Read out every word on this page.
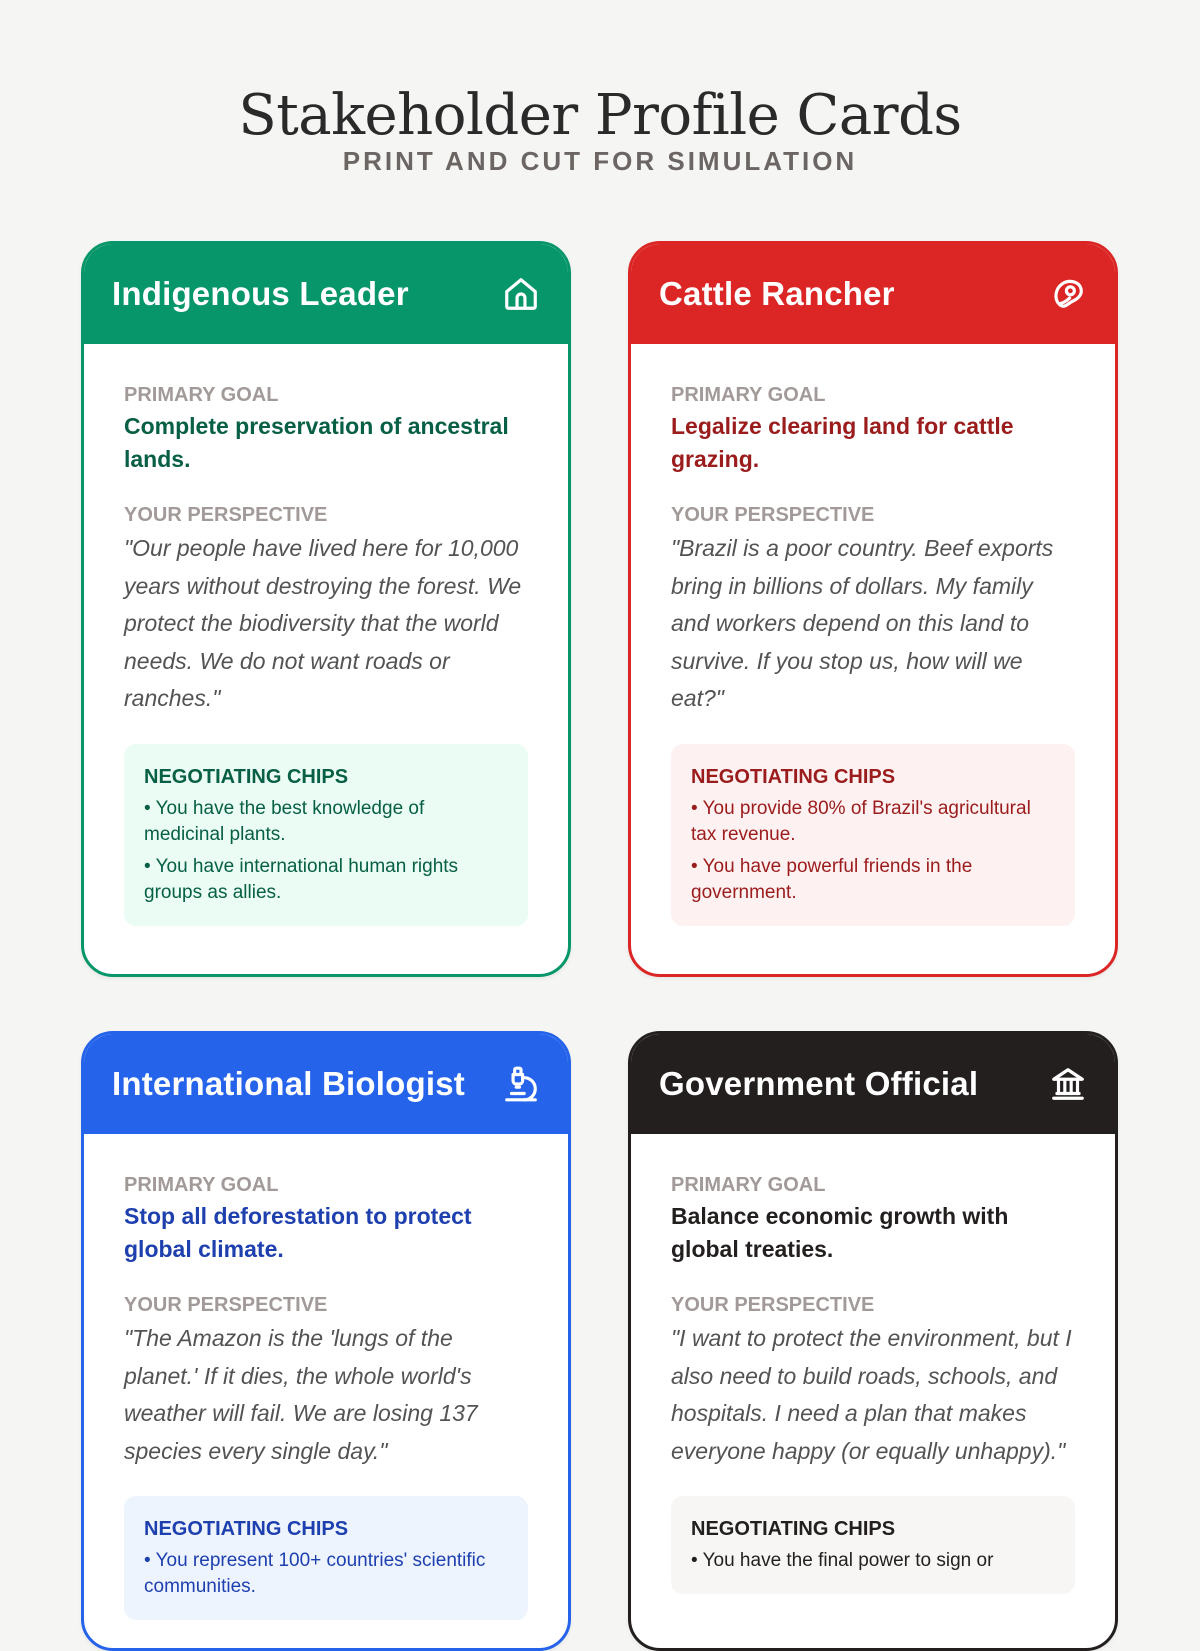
Stakeholder Profile Cards
PRINT AND CUT FOR SIMULATION
Indigenous Leader
PRIMARY GOAL
Complete preservation of ancestral lands.
YOUR PERSPECTIVE
"Our people have lived here for 10,000 years without destroying the forest. We protect the biodiversity that the world needs. We do not want roads or ranches."
NEGOTIATING CHIPS
• You have the best knowledge of medicinal plants.
• You have international human rights groups as allies.
Cattle Rancher
PRIMARY GOAL
Legalize clearing land for cattle grazing.
YOUR PERSPECTIVE
"Brazil is a poor country. Beef exports bring in billions of dollars. My family and workers depend on this land to survive. If you stop us, how will we eat?"
NEGOTIATING CHIPS
• You provide 80% of Brazil's agricultural tax revenue.
• You have powerful friends in the government.
International Biologist
PRIMARY GOAL
Stop all deforestation to protect global climate.
YOUR PERSPECTIVE
"The Amazon is the 'lungs of the planet.' If it dies, the whole world's weather will fail. We are losing 137 species every single day."
NEGOTIATING CHIPS
• You represent 100+ countries' scientific communities.
Government Official
PRIMARY GOAL
Balance economic growth with global treaties.
YOUR PERSPECTIVE
"I want to protect the environment, but I also need to build roads, schools, and hospitals. I need a plan that makes everyone happy (or equally unhappy)."
NEGOTIATING CHIPS
• You have the final power to sign or
